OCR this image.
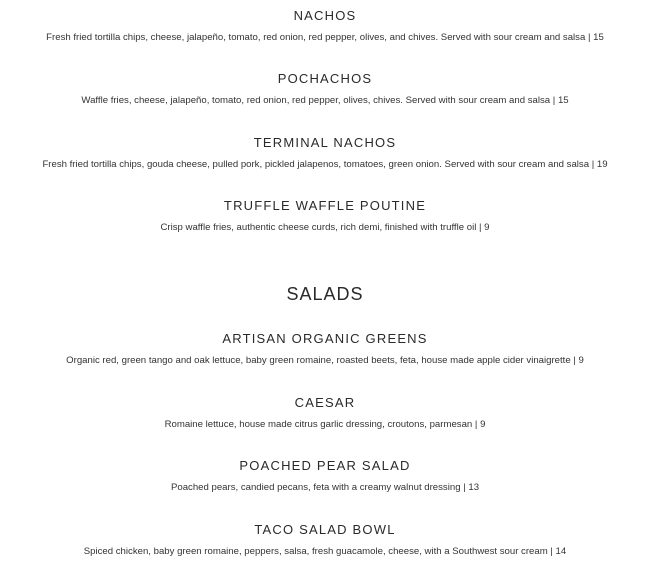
NACHOS
Fresh fried tortilla chips, cheese, jalapeño, tomato, red onion, red pepper, olives, and chives. Served with sour cream and salsa | 15
POCHACHOS
Waffle fries, cheese, jalapeño, tomato, red onion, red pepper, olives, chives. Served with sour cream and salsa | 15
TERMINAL NACHOS
Fresh fried tortilla chips, gouda cheese, pulled pork, pickled jalapenos, tomatoes, green onion. Served with sour cream and salsa | 19
TRUFFLE WAFFLE POUTINE
Crisp waffle fries, authentic cheese curds, rich demi, finished with truffle oil | 9
SALADS
ARTISAN ORGANIC GREENS
Organic red, green tango and oak lettuce, baby green romaine, roasted beets, feta, house made apple cider vinaigrette | 9
CAESAR
Romaine lettuce, house made citrus garlic dressing, croutons, parmesan | 9
POACHED PEAR SALAD
Poached pears, candied pecans, feta with a creamy walnut dressing | 13
TACO SALAD BOWL
Spiced chicken, baby green romaine, peppers, salsa, fresh guacamole, cheese, with a Southwest sour cream | 14
